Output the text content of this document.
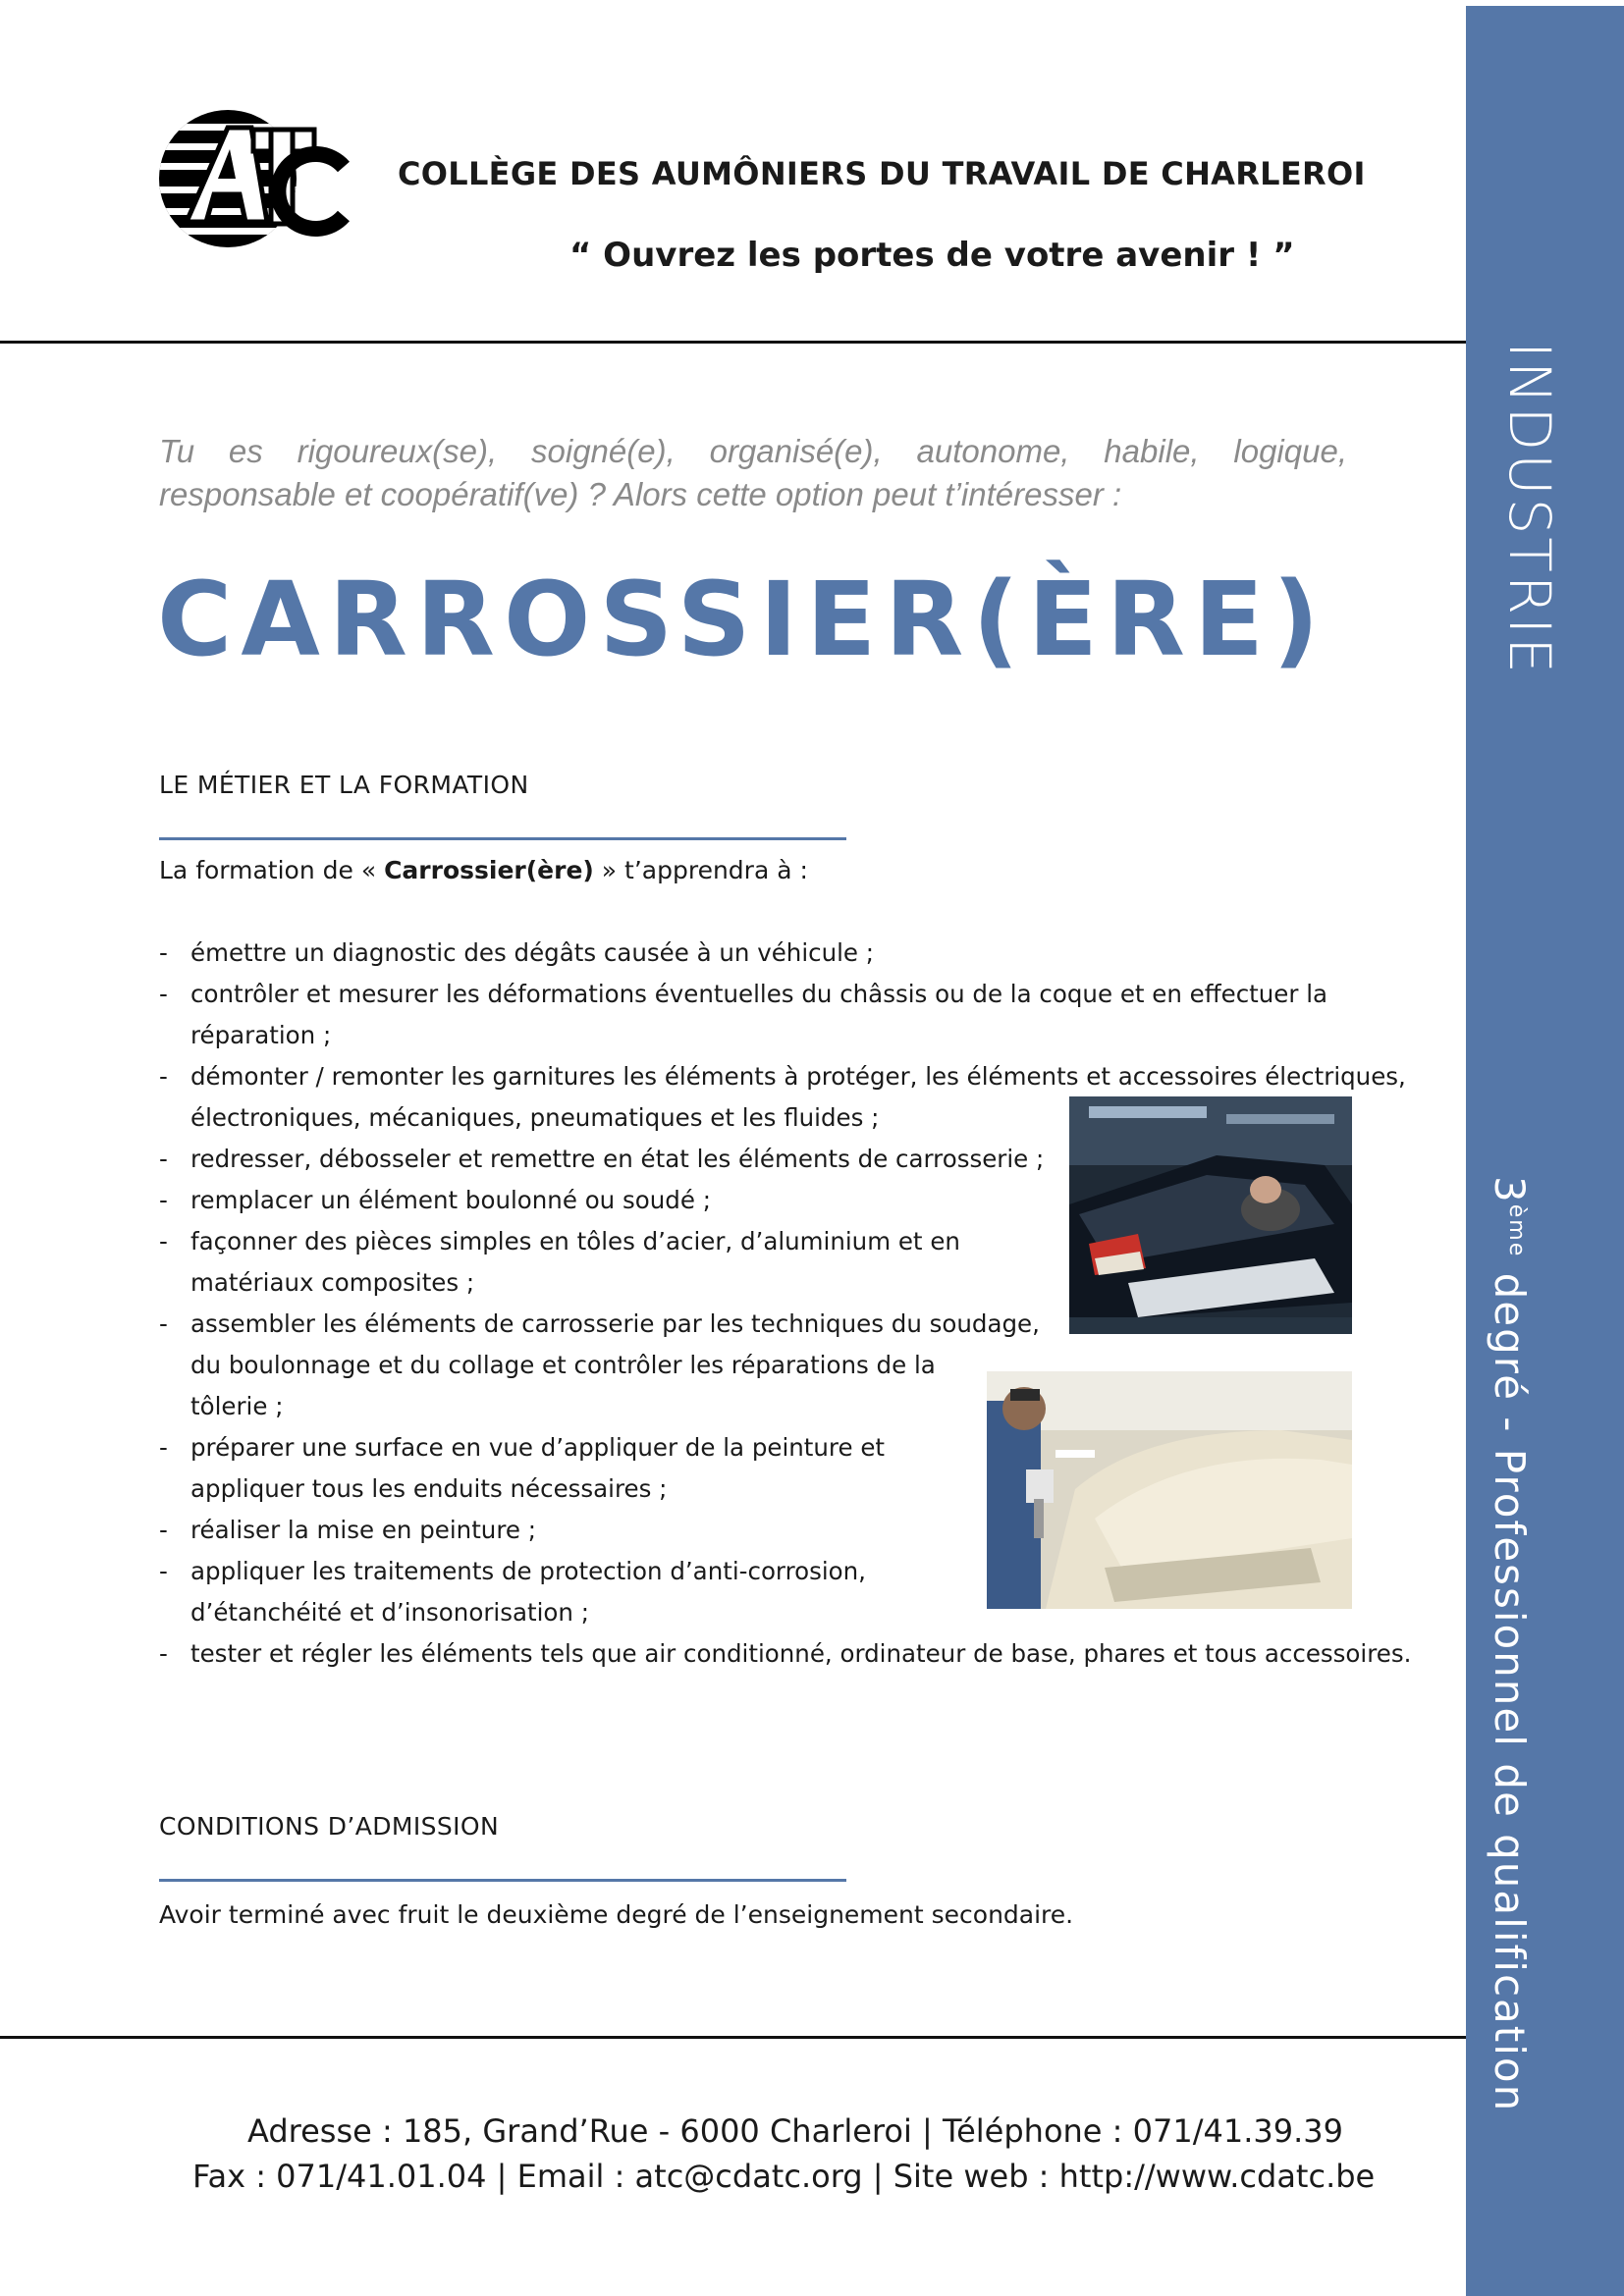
INDUSTRIE
3ème degré - Professionnel de qualification
COLLÈGE DES AUMÔNIERS DU TRAVAIL DE CHARLEROI
“ Ouvrez les portes de votre avenir ! ”
Tu es rigoureux(se), soigné(e), organisé(e), autonome, habile, logique, responsable et coopératif(ve) ? Alors cette option peut t’intéresser :
CARROSSIER(ÈRE)
LE MÉTIER ET LA FORMATION
La formation de « Carrossier(ère) » t’apprendra à :
- émettre un diagnostic des dégâts causée à un véhicule ;
- contrôler et mesurer les déformations éventuelles du châssis ou de la coque et en effectuer la
réparation ;
- démonter / remonter les garnitures les éléments à protéger, les éléments et accessoires électriques,
électroniques, mécaniques, pneumatiques et les fluides ;
- redresser, débosseler et remettre en état les éléments de carrosserie ;
- remplacer un élément boulonné ou soudé ;
- façonner des pièces simples en tôles d’acier, d’aluminium et en
matériaux composites ;
- assembler les éléments de carrosserie par les techniques du soudage,
du boulonnage et du collage et contrôler les réparations de la
tôlerie ;
- préparer une surface en vue d’appliquer de la peinture et
appliquer tous les enduits nécessaires ;
- réaliser la mise en peinture ;
- appliquer les traitements de protection d’anti-corrosion,
d’étanchéité et d’insonorisation ;
- tester et régler les éléments tels que air conditionné, ordinateur de base, phares et tous accessoires.
CONDITIONS D’ADMISSION
Avoir terminé avec fruit le deuxième degré de l’enseignement secondaire.
Adresse : 185, Grand’Rue - 6000 Charleroi | Téléphone : 071/41.39.39
Fax : 071/41.01.04 | Email : atc@cdatc.org | Site web : http://www.cdatc.be
